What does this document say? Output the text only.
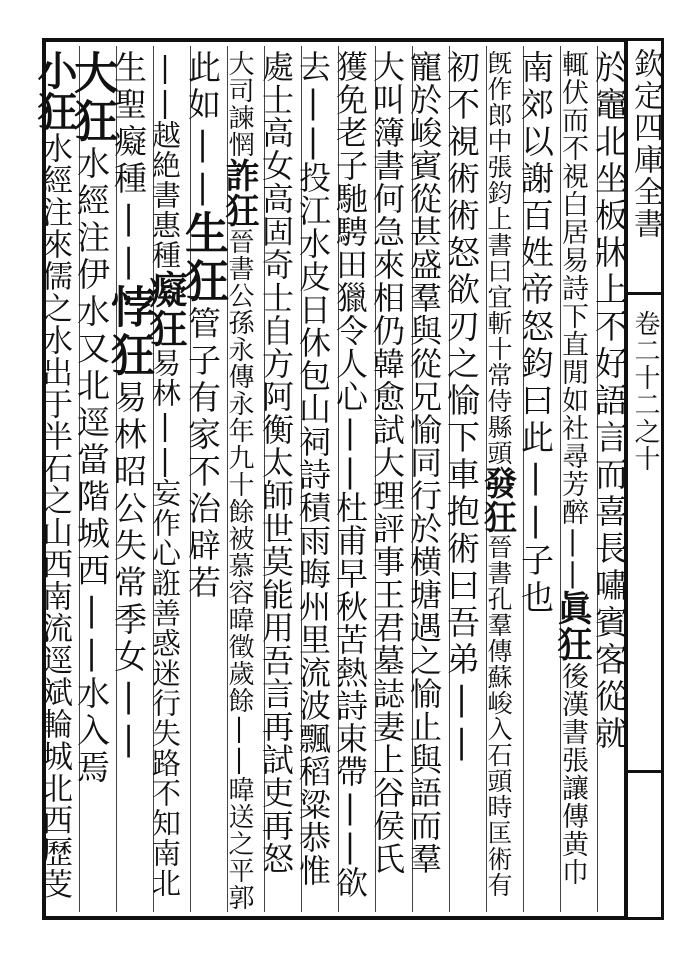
欽定四庫全書
卷二十二之十
於竈北坐板牀上不好語言而喜長嘯賓客從就
輒伏而不視白居易詩下直閒如社尋芳醉||眞狂後漢書張讓傳黄巾
南郊以謝百姓帝怒鈞曰此||子也
旣作郎中張鈞上書曰宜斬十常侍縣頭發狂晉書孔羣傳蘇峻入石頭時匡術有
初不視術術怒欲刃之愉下車抱術曰吾弟||
寵於峻賓從甚盛羣與從兄愉同行於横塘遇之愉止與語而羣
大叫簿書何急來相仍韓愈試大理評事王君墓誌妻上谷侯氏
獲免老子馳騁田獵令人心||杜甫早秋苦熱詩束帶||欲
去||投江水皮日休包山祠詩積雨晦州里流波飄稻粱恭惟
處士高女高固奇士自方阿衡太師世莫能用吾言再試吏再怒
大司諫惘詐狂晉書公孫永傳永年九十餘被慕容暐徵歲餘||暐送之平郭
此如||生狂管子有家不治辟若
||越絶書惠種癡狂易林||妄作心誑善惑迷行失路不知南北
生聖癡種||悖狂易林昭公失常季女||
大狂水經注伊水又北逕當階城西||水入焉
小狂水經注來儒之水出于半石之山西南流逕斌輪城北西歷芰
